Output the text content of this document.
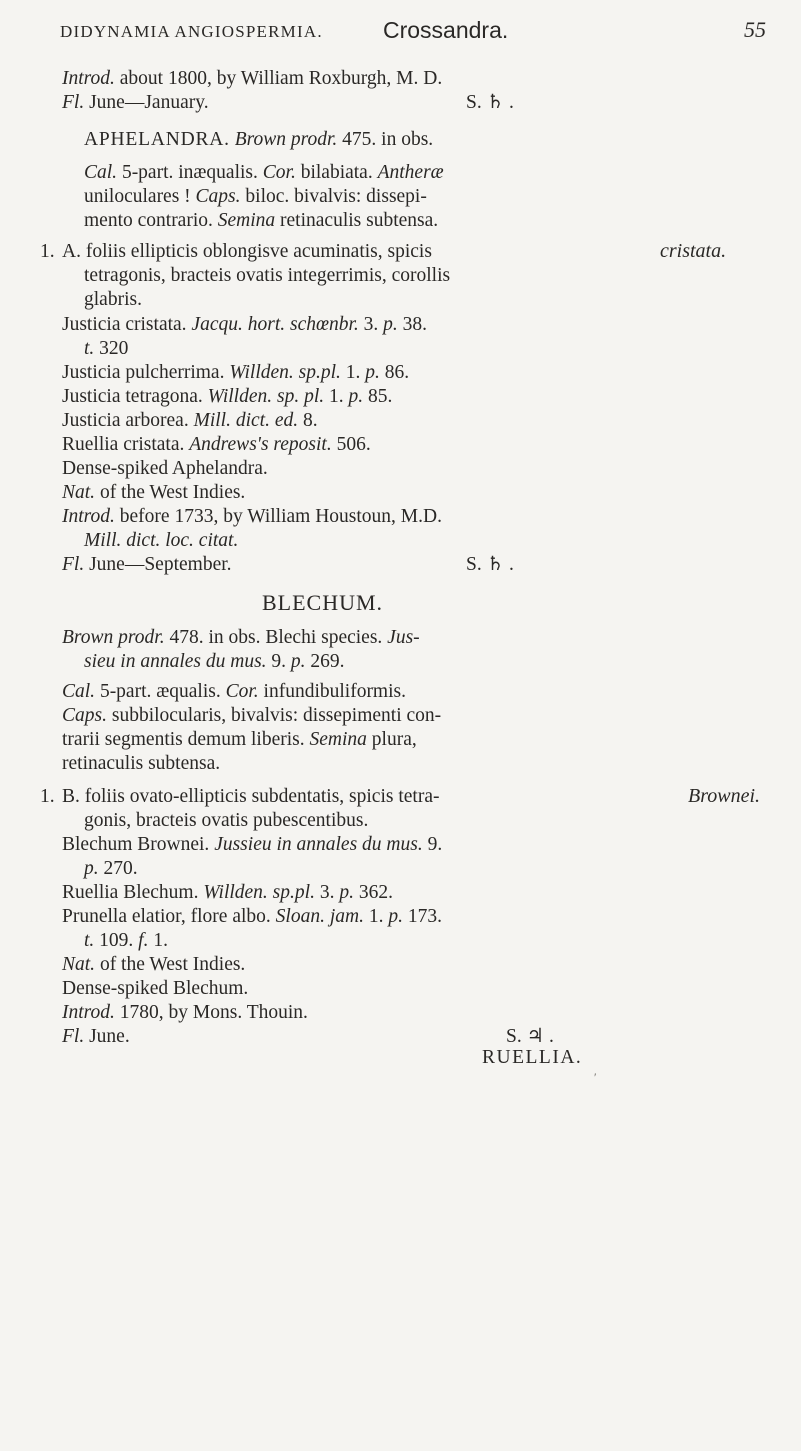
DIDYNAMIA ANGIOSPERMIA.	Crossandra.	55
Introd. about 1800, by William Roxburgh, M. D.
Fl. June—January.	S. ♄ .
APHELANDRA. Brown prodr. 475. in obs.
Cal. 5-part. inæqualis. Cor. bilabiata. Antheræ
uniloculares ! Caps. biloc. bivalvis: dissepi-
mento contrario. Semina retinaculis subtensa.
1. A. foliis ellipticis oblongisve acuminatis, spicis	cristata.
tetragonis, bracteis ovatis integerrimis, corollis
glabris.
Justicia cristata. Jacqu. hort. schœnbr. 3. p. 38.
t. 320
Justicia pulcherrima. Willden. sp.pl. 1. p. 86.
Justicia tetragona. Willden. sp. pl. 1. p. 85.
Justicia arborea. Mill. dict. ed. 8.
Ruellia cristata. Andrews's reposit. 506.
Dense-spiked Aphelandra.
Nat. of the West Indies.
Introd. before 1733, by William Houstoun, M.D.
Mill. dict. loc. citat.
Fl. June—September.	S. ♄ .
BLECHUM.
Brown prodr. 478. in obs. Blechi species. Jus-
sieu in annales du mus. 9. p. 269.
Cal. 5-part. æqualis. Cor. infundibuliformis.
Caps. subbilocularis, bivalvis: dissepimenti con-
trarii segmentis demum liberis. Semina plura,
retinaculis subtensa.
1. B. foliis ovato-ellipticis subdentatis, spicis tetra-	Brownei.
gonis, bracteis ovatis pubescentibus.
Blechum Brownei. Jussieu in annales du mus. 9.
p. 270.
Ruellia Blechum. Willden. sp.pl. 3. p. 362.
Prunella elatior, flore albo. Sloan. jam. 1. p. 173.
t. 109. f. 1.
Nat. of the West Indies.
Dense-spiked Blechum.
Introd. 1780, by Mons. Thouin.
Fl. June.	S. ♃ .
RUELLIA.
′
